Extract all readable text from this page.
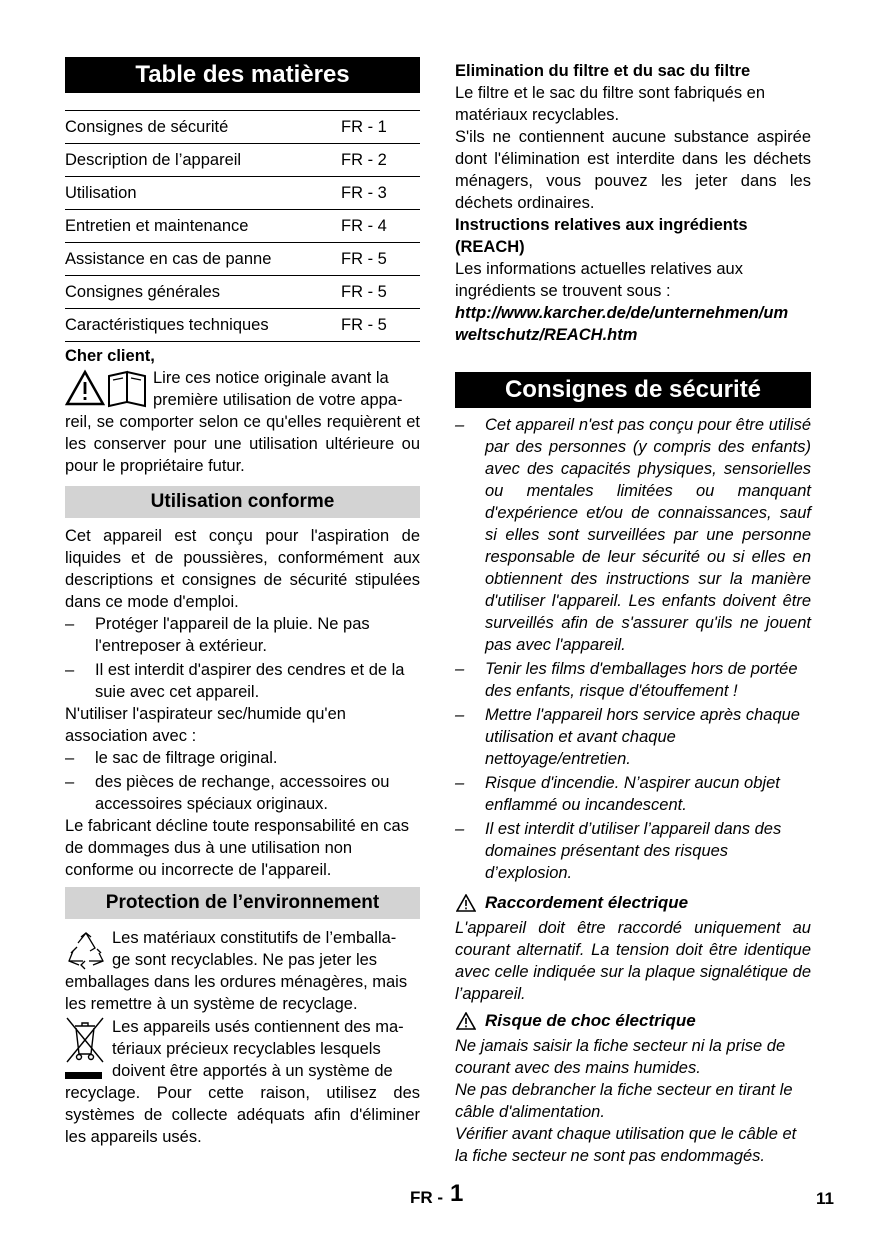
Table des matières
Consignes de sécurité	FR - 1
Description de l’appareil	FR - 2
Utilisation	FR - 3
Entretien et maintenance	FR - 4
Assistance en cas de panne	FR - 5
Consignes générales	FR - 5
Caractéristiques techniques	FR - 5

Cher client,

Lire ces notice originale avant la

première utilisation de votre appa-

reil, se comporter selon ce qu'elles requièrent et les conserver pour une utilisation ultérieure ou pour le propriétaire futur.

Utilisation conforme

Cet appareil est conçu pour l'aspiration de liquides et de poussières, conformément aux descriptions et consignes de sécurité stipulées dans ce mode d'emploi.

– Protéger l'appareil de la pluie. Ne pas l'entreposer à extérieur.
– Il est interdit d'aspirer des cendres et de la suie avec cet appareil.

N'utiliser l'aspirateur sec/humide qu'en association avec :

– le sac de filtrage original.
– des pièces de rechange, accessoires ou accessoires spéciaux originaux.

Le fabricant décline toute responsabilité en cas de dommages dus à une utilisation non conforme ou incorrecte de l'appareil.

Protection de l’environnement

Les matériaux constitutifs de l’emballa-

ge sont recyclables. Ne pas jeter les

emballages dans les ordures ménagères, mais les remettre à un système de recyclage.

Les appareils usés contiennent des ma-

tériaux précieux recyclables lesquels

doivent être apportés à un système de

recyclage. Pour cette raison, utilisez des systèmes de collecte adéquats afin d'éliminer les appareils usés.

Elimination du filtre et du sac du filtre

Le filtre et le sac du filtre sont fabriqués en matériaux recyclables.

S'ils ne contiennent aucune substance aspirée dont l'élimination est interdite dans les déchets ménagers, vous pouvez les jeter dans les déchets ordinaires.

Instructions relatives aux ingrédients (REACH)

Les informations actuelles relatives aux ingrédients se trouvent sous :

http://www.karcher.de/de/unternehmen/umweltschutz/REACH.htm

Consignes de sécurité
– Cet appareil n'est pas conçu pour être utilisé par des personnes (y compris des enfants) avec des capacités physiques, sensorielles ou mentales limitées ou manquant d'expérience et/ou de connaissances, sauf si elles sont surveillées par une personne responsable de leur sécurité ou si elles en obtiennent des instructions sur la manière d'utiliser l'appareil. Les enfants doivent être surveillés afin de s'assurer qu'ils ne jouent pas avec l'appareil.
– Tenir les films d'emballages hors de portée des enfants, risque d'étouffement !
– Mettre l'appareil hors service après chaque utilisation et avant chaque nettoyage/entretien.
– Risque d'incendie. N’aspirer aucun objet enflammé ou incandescent.
– Il est interdit d’utiliser l’appareil dans des domaines présentant des risques d’explosion.
Raccordement électrique

L'appareil doit être raccordé uniquement au courant alternatif. La tension doit être identique avec celle indiquée sur la plaque signalétique de l’appareil.

Risque de choc électrique

Ne jamais saisir la fiche secteur ni la prise de courant avec des mains humides.

Ne pas debrancher la fiche secteur en tirant le câble d'alimentation.

Vérifier avant chaque utilisation que le câble et la fiche secteur ne sont pas endommagés.

FR - 1	11
